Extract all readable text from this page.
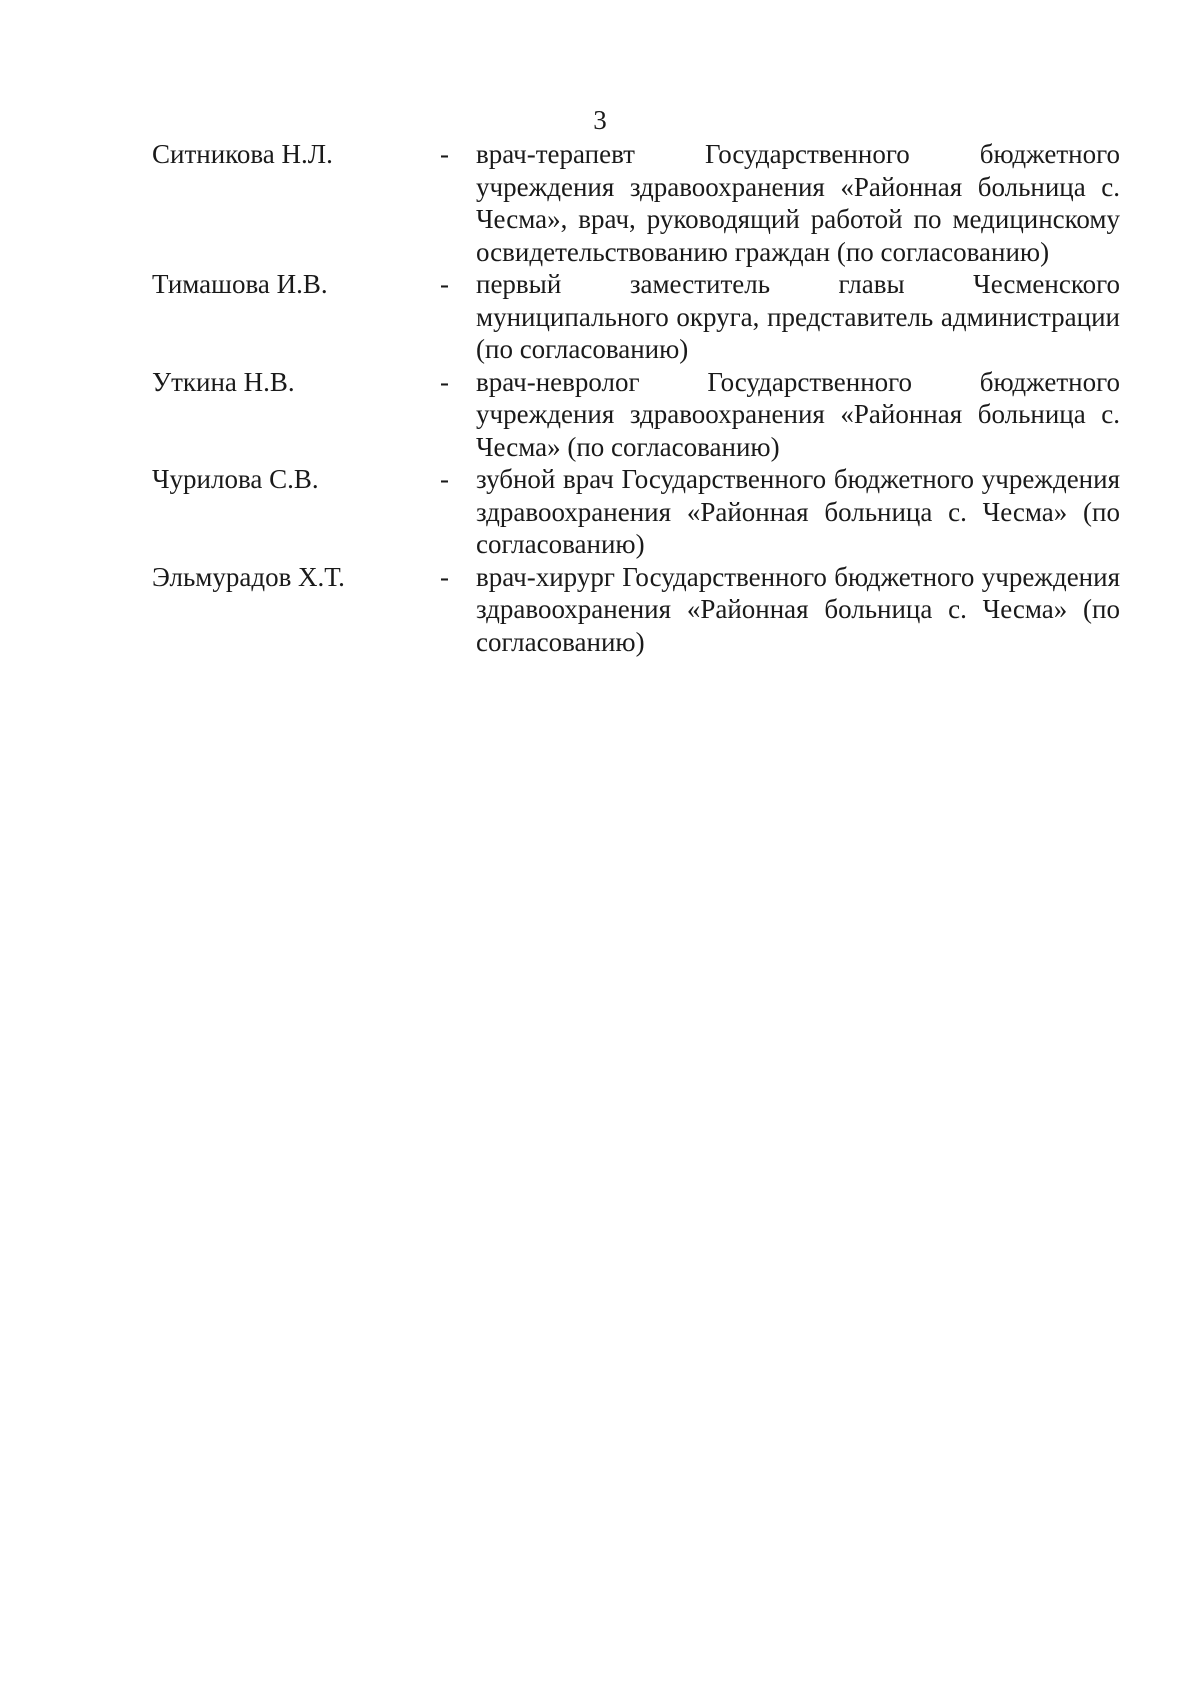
3
Ситникова Н.Л.	-	врач-терапевт Государственного бюджетного учреждения здравоохранения «Районная больница с. Чесма», врач, руководящий работой по медицинскому освидетельствованию граждан (по согласованию)
Тимашова И.В.	-	первый заместитель главы Чесменского муниципального округа, представитель администрации (по согласованию)
Уткина Н.В.	-	врач-невролог Государственного бюджетного учреждения здравоохранения «Районная больница с. Чесма» (по согласованию)
Чурилова С.В.	-	зубной врач Государственного бюджетного учреждения здравоохранения «Районная больница с. Чесма» (по согласованию)
Эльмурадов Х.Т.	-	врач-хирург Государственного бюджетного учреждения здравоохранения «Районная больница с. Чесма» (по согласованию)
